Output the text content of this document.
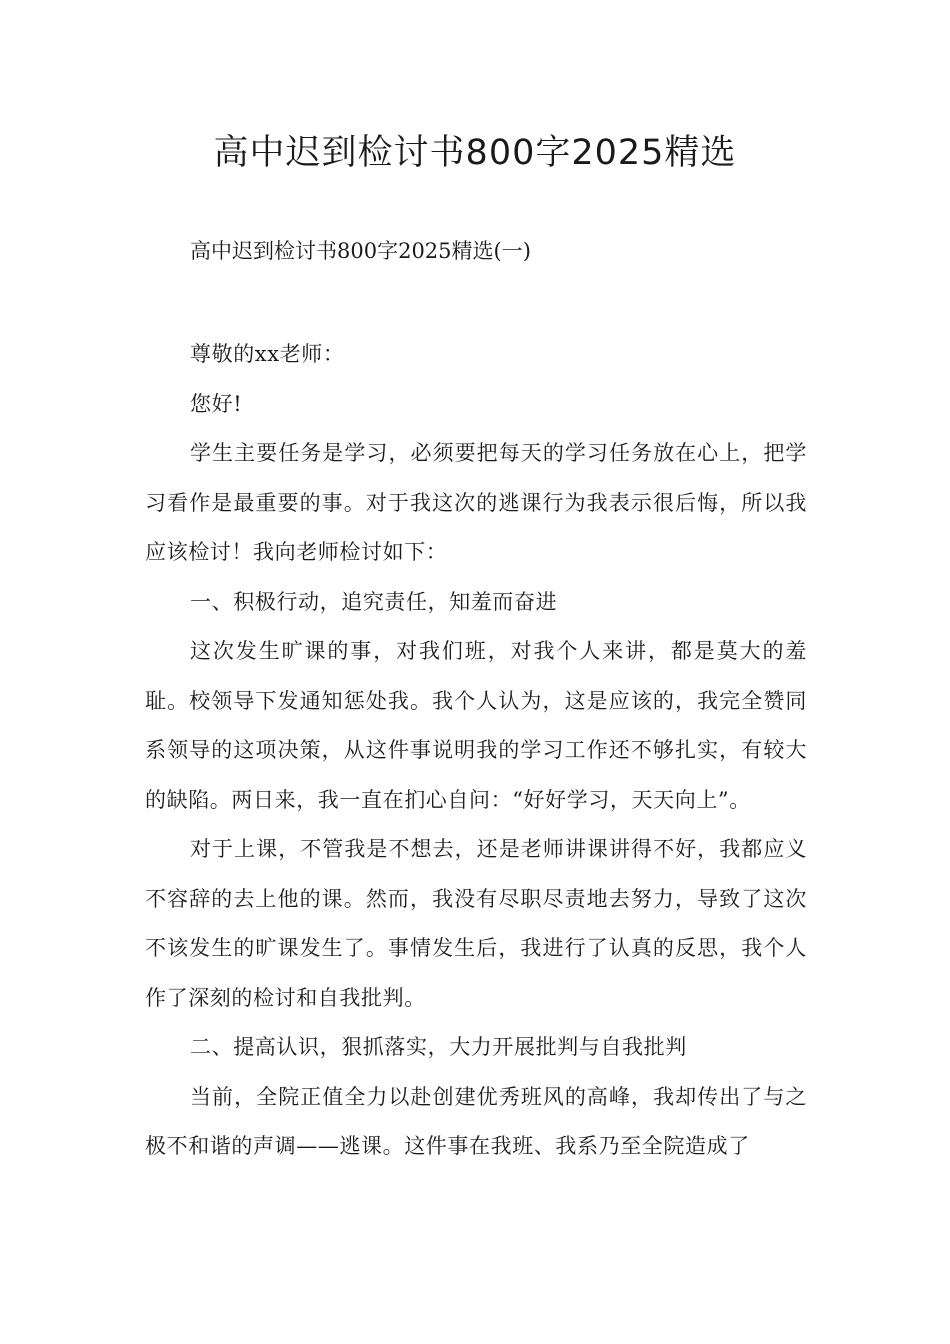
高中迟到检讨书800字2025精选

高中迟到检讨书800字2025精选(一)

尊敬的xx老师：

您好!

学生主要任务是学习，必须要把每天的学习任务放在心上，把学习看作是最重要的事。对于我这次的逃课行为我表示很后悔，所以我应该检讨！我向老师检讨如下：

一、积极行动，追究责任，知羞而奋进

这次发生旷课的事，对我们班，对我个人来讲，都是莫大的羞耻。校领导下发通知惩处我。我个人认为，这是应该的，我完全赞同系领导的这项决策，从这件事说明我的学习工作还不够扎实，有较大的缺陷。两日来，我一直在扪心自问：“好好学习，天天向上”。

对于上课，不管我是不想去，还是老师讲课讲得不好，我都应义不容辞的去上他的课。然而，我没有尽职尽责地去努力，导致了这次不该发生的旷课发生了。事情发生后，我进行了认真的反思，我个人作了深刻的检讨和自我批判。

二、提高认识，狠抓落实，大力开展批判与自我批判

当前，全院正值全力以赴创建优秀班风的高峰，我却传出了与之极不和谐的声调——逃课。这件事在我班、我系乃至全院造成了
